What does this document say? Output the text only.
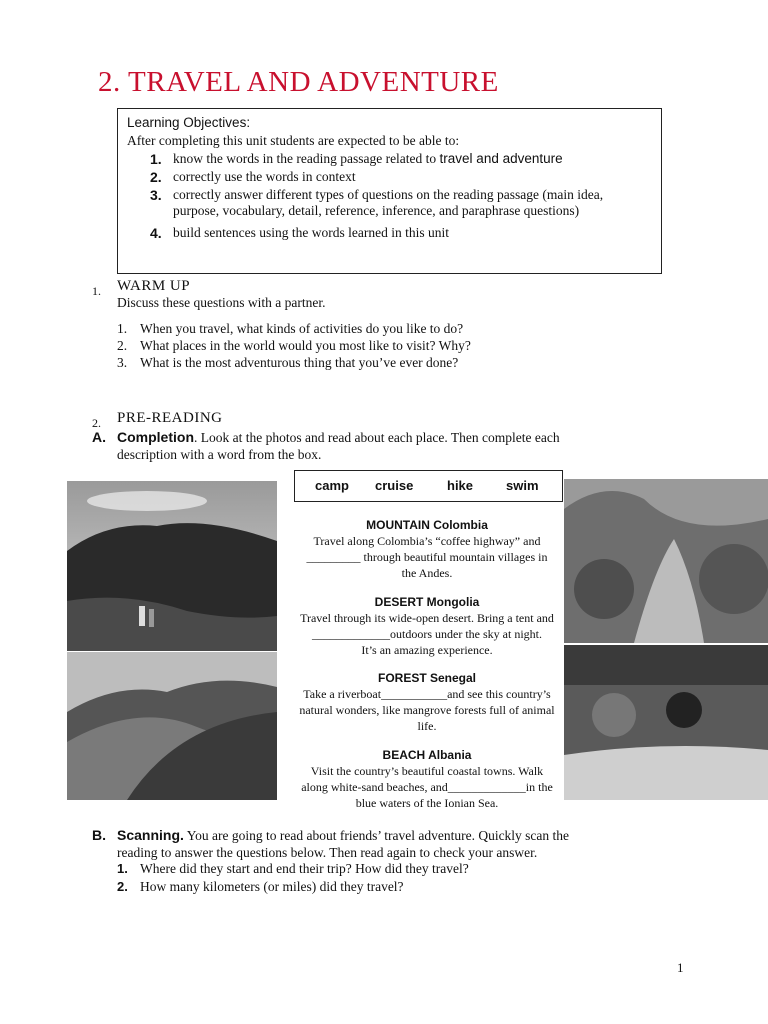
2. TRAVEL AND ADVENTURE
Learning Objectives:
After completing this unit students are expected to be able to:
1. know the words in the reading passage related to travel and adventure
2. correctly use the words in context
3. correctly answer different types of questions on the reading passage (main idea,
purpose, vocabulary, detail, reference, inference, and paraphrase questions)
4. build sentences using the words learned in this unit
1. WARM UP
Discuss these questions with a partner.
1. When you travel, what kinds of activities do you like to do?
2. What places in the world would you most like to visit? Why?
3. What is the most adventurous thing that you’ve ever done?
2. PRE-READING
A. Completion. Look at the photos and read about each place. Then complete each
description with a word from the box.
camp cruise	hike	swim
MOUNTAIN Colombia
Travel along Colombia’s “coffee highway” and
_________ through beautiful mountain villages in
the Andes.
DESERT Mongolia
Travel through its wide-open desert. Bring a tent and
_____________outdoors under the sky at night.
It’s an amazing experience.
FOREST Senegal
Take a riverboat___________and see this country’s
natural wonders, like mangrove forests full of animal
life.
BEACH Albania
Visit the country’s beautiful coastal towns. Walk
along white-sand beaches, and_____________in the
blue waters of the Ionian Sea.
B. Scanning. You are going to read about friends’ travel adventure. Quickly scan the
reading to answer the questions below. Then read again to check your answer.
1. Where did they start and end their trip? How did they travel?
2. How many kilometers (or miles) did they travel?
1
